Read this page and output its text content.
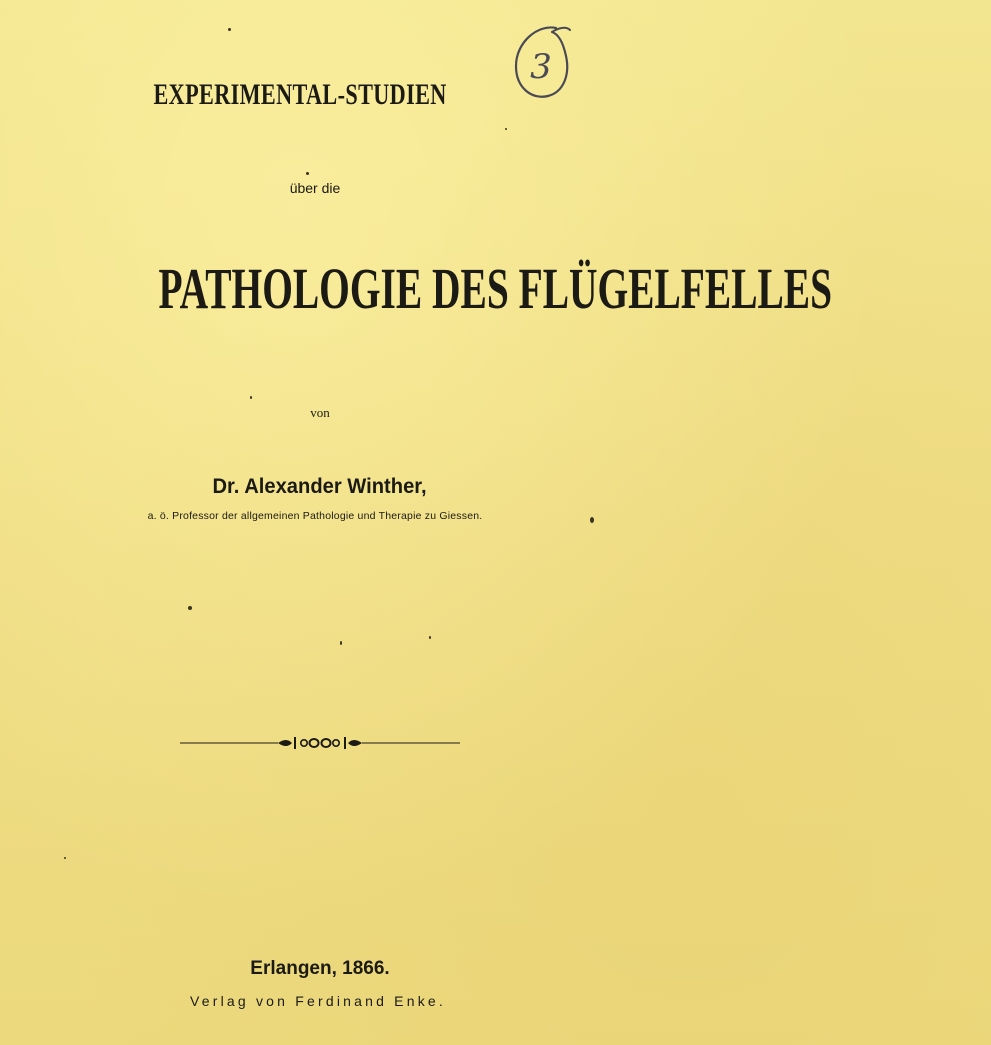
3
EXPERIMENTAL-STUDIEN
über die
PATHOLOGIE DES FLÜGELFELLES
von
Dr. Alexander Winther,
a. ö. Professor der allgemeinen Pathologie und Therapie zu Giessen.
Erlangen, 1866.
Verlag von Ferdinand Enke.
